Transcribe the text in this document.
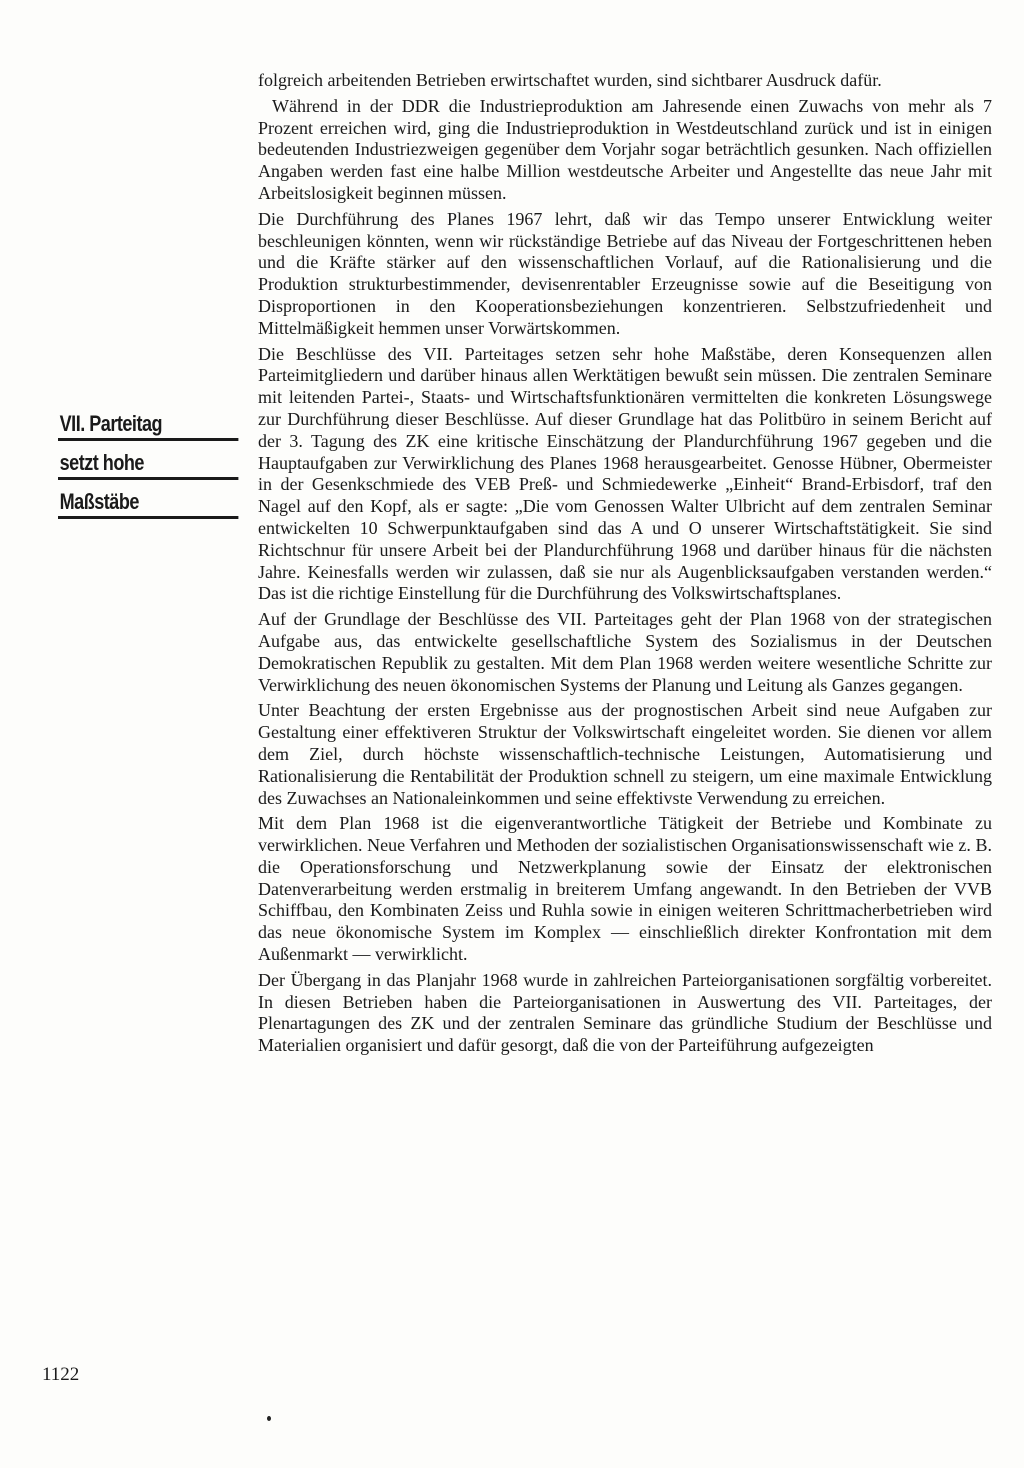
VII. Parteitag
setzt hohe
Maßstäbe

folgreich arbeitenden Betrieben erwirtschaftet wurden, sind sichtbarer Ausdruck dafür.

Während in der DDR die Industrieproduktion am Jahresende einen Zuwachs von mehr als 7 Prozent erreichen wird, ging die Industrieproduktion in Westdeutschland zurück und ist in einigen bedeutenden Industriezweigen gegenüber dem Vorjahr sogar beträchtlich gesunken. Nach offiziellen Angaben werden fast eine halbe Million westdeutsche Arbeiter und Angestellte das neue Jahr mit Arbeitslosigkeit beginnen müssen.

Die Durchführung des Planes 1967 lehrt, daß wir das Tempo unserer Entwicklung weiter beschleunigen könnten, wenn wir rückständige Betriebe auf das Niveau der Fortgeschrittenen heben und die Kräfte stärker auf den wissenschaftlichen Vorlauf, auf die Rationalisierung und die Produktion strukturbestimmender, devisenrentabler Erzeugnisse sowie auf die Beseitigung von Disproportionen in den Kooperationsbeziehungen konzentrieren. Selbstzufriedenheit und Mittelmäßigkeit hemmen unser Vorwärtskommen.

Die Beschlüsse des VII. Parteitages setzen sehr hohe Maßstäbe, deren Konsequenzen allen Parteimitgliedern und darüber hinaus allen Werktätigen bewußt sein müssen. Die zentralen Seminare mit leitenden Partei-, Staats- und Wirtschaftsfunktionären vermittelten die konkreten Lösungswege zur Durchführung dieser Beschlüsse. Auf dieser Grundlage hat das Politbüro in seinem Bericht auf der 3. Tagung des ZK eine kritische Einschätzung der Plandurchführung 1967 gegeben und die Hauptaufgaben zur Verwirklichung des Planes 1968 herausgearbeitet. Genosse Hübner, Obermeister in der Gesenkschmiede des VEB Preß- und Schmiedewerke „Einheit“ Brand-Erbisdorf, traf den Nagel auf den Kopf, als er sagte: „Die vom Genossen Walter Ulbricht auf dem zentralen Seminar entwickelten 10 Schwerpunktaufgaben sind das A und O unserer Wirtschaftstätigkeit. Sie sind Richtschnur für unsere Arbeit bei der Plandurchführung 1968 und darüber hinaus für die nächsten Jahre. Keinesfalls werden wir zulassen, daß sie nur als Augenblicksaufgaben verstanden werden.“ Das ist die richtige Einstellung für die Durchführung des Volkswirtschaftsplanes.

Auf der Grundlage der Beschlüsse des VII. Parteitages geht der Plan 1968 von der strategischen Aufgabe aus, das entwickelte gesellschaftliche System des Sozialismus in der Deutschen Demokratischen Republik zu gestalten. Mit dem Plan 1968 werden weitere wesentliche Schritte zur Verwirklichung des neuen ökonomischen Systems der Planung und Leitung als Ganzes gegangen.

Unter Beachtung der ersten Ergebnisse aus der prognostischen Arbeit sind neue Aufgaben zur Gestaltung einer effektiveren Struktur der Volkswirtschaft eingeleitet worden. Sie dienen vor allem dem Ziel, durch höchste wissenschaftlich-technische Leistungen, Automatisierung und Rationalisierung die Rentabilität der Produktion schnell zu steigern, um eine maximale Entwicklung des Zuwachses an Nationaleinkommen und seine effektivste Verwendung zu erreichen.

Mit dem Plan 1968 ist die eigenverantwortliche Tätigkeit der Betriebe und Kombinate zu verwirklichen. Neue Verfahren und Methoden der sozialistischen Organisationswissenschaft wie z. B. die Operationsforschung und Netzwerkplanung sowie der Einsatz der elektronischen Datenverarbeitung werden erstmalig in breiterem Umfang angewandt. In den Betrieben der VVB Schiffbau, den Kombinaten Zeiss und Ruhla sowie in einigen weiteren Schrittmacherbetrieben wird das neue ökonomische System im Komplex — einschließlich direkter Konfrontation mit dem Außenmarkt — verwirklicht.

Der Übergang in das Planjahr 1968 wurde in zahlreichen Parteiorganisationen sorgfältig vorbereitet. In diesen Betrieben haben die Parteiorganisationen in Auswertung des VII. Parteitages, der Plenartagungen des ZK und der zentralen Seminare das gründliche Studium der Beschlüsse und Materialien organisiert und dafür gesorgt, daß die von der Parteiführung aufgezeigten

1122
